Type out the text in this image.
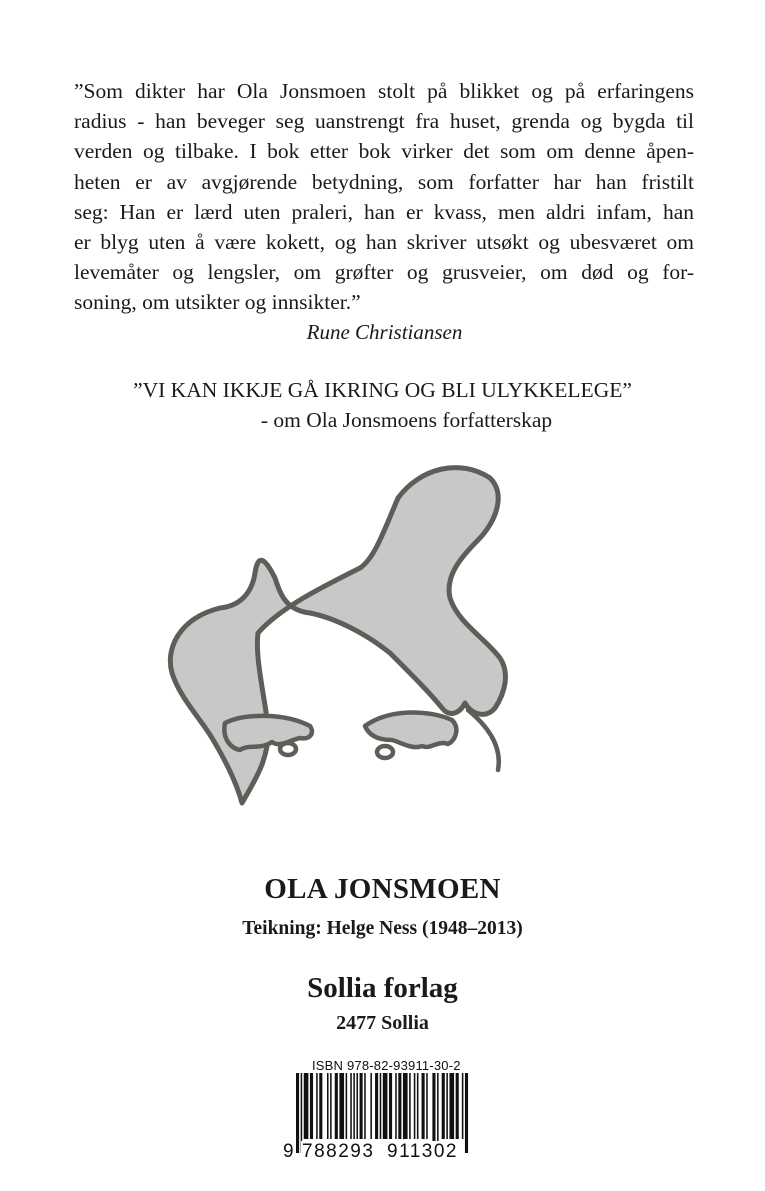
”Som dikter har Ola Jonsmoen stolt på blikket og på erfaringens
radius - han beveger seg uanstrengt fra huset, grenda og bygda til
verden og tilbake. I bok etter bok virker det som om denne åpen-
heten er av avgjørende betydning, som forfatter har han fristilt
seg: Han er lærd uten praleri, han er kvass, men aldri infam, han
er blyg uten å være kokett, og han skriver utsøkt og ubesværet om
levemåter og lengsler, om grøfter og grusveier, om død og for-
soning, om utsikter og innsikter.”
Rune Christiansen
”VI KAN IKKJE GÅ IKRING OG BLI ULYKKELEGE”
- om Ola Jonsmoens forfatterskap
OLA JONSMOEN
Teikning: Helge Ness (1948–2013)
Sollia forlag
2477 Sollia
ISBN 978-82-93911-30-2
9 788293 911302
